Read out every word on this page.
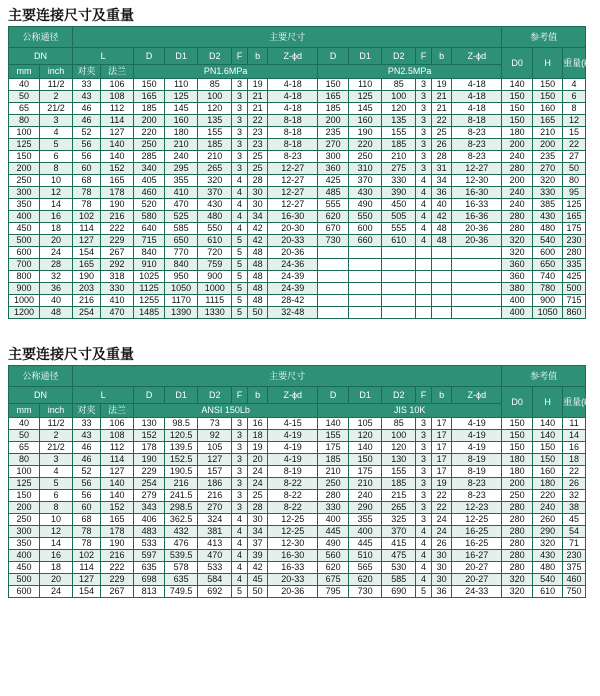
主要连接尺寸及重量
公称通径		主要尺寸														参考值		
DN		L		D	D1	D2	F	b	Z-ϕd	D	D1	D2	F	b	Z-ϕd	D0	H	重量(kg)
mm	inch	对夹	法兰	PN1.6MPa						PN2.5MPa								
40	11/2	33	106	150	110	85	3	19	4-18	150	110	85	3	19	4-18	140	150	4
50	2	43	108	165	125	100	3	21	4-18	165	125	100	3	21	4-18	150	150	6
65	21/2	46	112	185	145	120	3	21	4-18	185	145	120	3	21	4-18	150	160	8
80	3	46	114	200	160	135	3	22	8-18	200	160	135	3	22	8-18	150	165	12
100	4	52	127	220	180	155	3	23	8-18	235	190	155	3	25	8-23	180	210	15
125	5	56	140	250	210	185	3	23	8-18	270	220	185	3	26	8-23	200	200	22
150	6	56	140	285	240	210	3	25	8-23	300	250	210	3	28	8-23	240	235	27
200	8	60	152	340	295	265	3	25	12-27	360	310	275	3	31	12-27	280	270	50
250	10	68	165	405	355	320	4	28	12-27	425	370	330	4	34	12-30	200	320	80
300	12	78	178	460	410	370	4	30	12-27	485	430	390	4	36	16-30	240	330	95
350	14	78	190	520	470	430	4	30	12-27	555	490	450	4	40	16-33	240	385	125
400	16	102	216	580	525	480	4	34	16-30	620	550	505	4	42	16-36	280	430	165
450	18	114	222	640	585	550	4	42	20-30	670	600	555	4	48	20-36	280	480	175
500	20	127	229	715	650	610	5	42	20-33	730	660	610	4	48	20-36	320	540	230
600	24	154	267	840	770	720	5	48	20-36							320	600	280
700	28	165	292	910	840	759	5	48	24-36							360	650	335
800	32	190	318	1025	950	900	5	48	24-39							360	740	425
900	36	203	330	1125	1050	1000	5	48	24-39							380	780	500
1000	40	216	410	1255	1170	1115	5	48	28-42							400	900	715
1200	48	254	470	1485	1390	1330	5	50	32-48							400	1050	860
主要连接尺寸及重量
公称通径		主要尺寸														参考值		
DN		L		D	D1	D2	F	b	Z-ϕd	D	D1	D2	F	b	Z-ϕd	D0	H	重量(kg)
mm	inch	对夹	法兰	ANSI 150Lb						JIS 10K								
40	11/2	33	106	130	98.5	73	3	16	4-15	140	105	85	3	17	4-19	150	140	11
50	2	43	108	152	120.5	92	3	18	4-19	155	120	100	3	17	4-19	150	140	14
65	21/2	46	112	178	139.5	105	3	19	4-19	175	140	120	3	17	4-19	150	150	16
80	3	46	114	190	152.5	127	3	20	4-19	185	150	130	3	17	8-19	180	150	18
100	4	52	127	229	190.5	157	3	24	8-19	210	175	155	3	17	8-19	180	160	22
125	5	56	140	254	216	186	3	24	8-22	250	210	185	3	19	8-23	200	180	26
150	6	56	140	279	241.5	216	3	25	8-22	280	240	215	3	22	8-23	250	220	32
200	8	60	152	343	298.5	270	3	28	8-22	330	290	265	3	22	12-23	280	240	38
250	10	68	165	406	362.5	324	4	30	12-25	400	355	325	3	24	12-25	280	260	45
300	12	78	178	483	432	381	4	34	12-25	445	400	370	4	24	16-25	280	290	54
350	14	78	190	533	476	413	4	37	12-30	490	445	415	4	26	16-25	280	320	71
400	16	102	216	597	539.5	470	4	39	16-30	560	510	475	4	30	16-27	280	430	230
450	18	114	222	635	578	533	4	42	16-33	620	565	530	4	30	20-27	280	480	375
500	20	127	229	698	635	584	4	45	20-33	675	620	585	4	30	20-27	320	540	460
600	24	154	267	813	749.5	692	5	50	20-36	795	730	690	5	36	24-33	320	610	750
